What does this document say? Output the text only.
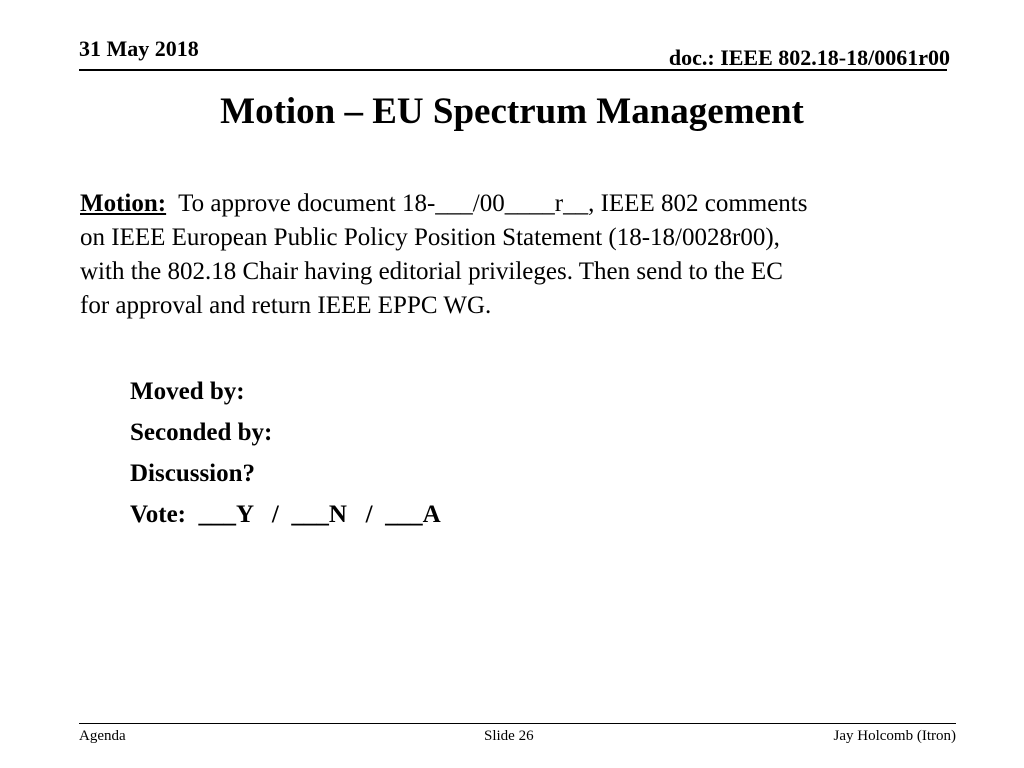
31 May 2018	doc.: IEEE 802.18-18/0061r00
Motion – EU Spectrum Management
Motion: To approve document 18-___/00____r__, IEEE 802 comments
on IEEE European Public Policy Position Statement (18-18/0028r00),
with the 802.18 Chair having editorial privileges. Then send to the EC
for approval and return IEEE EPPC WG.
Moved by:
Seconded by:
Discussion?
Vote:  ___Y   /  ___N   /  ___A
Agenda	Slide 26	Jay Holcomb (Itron)
